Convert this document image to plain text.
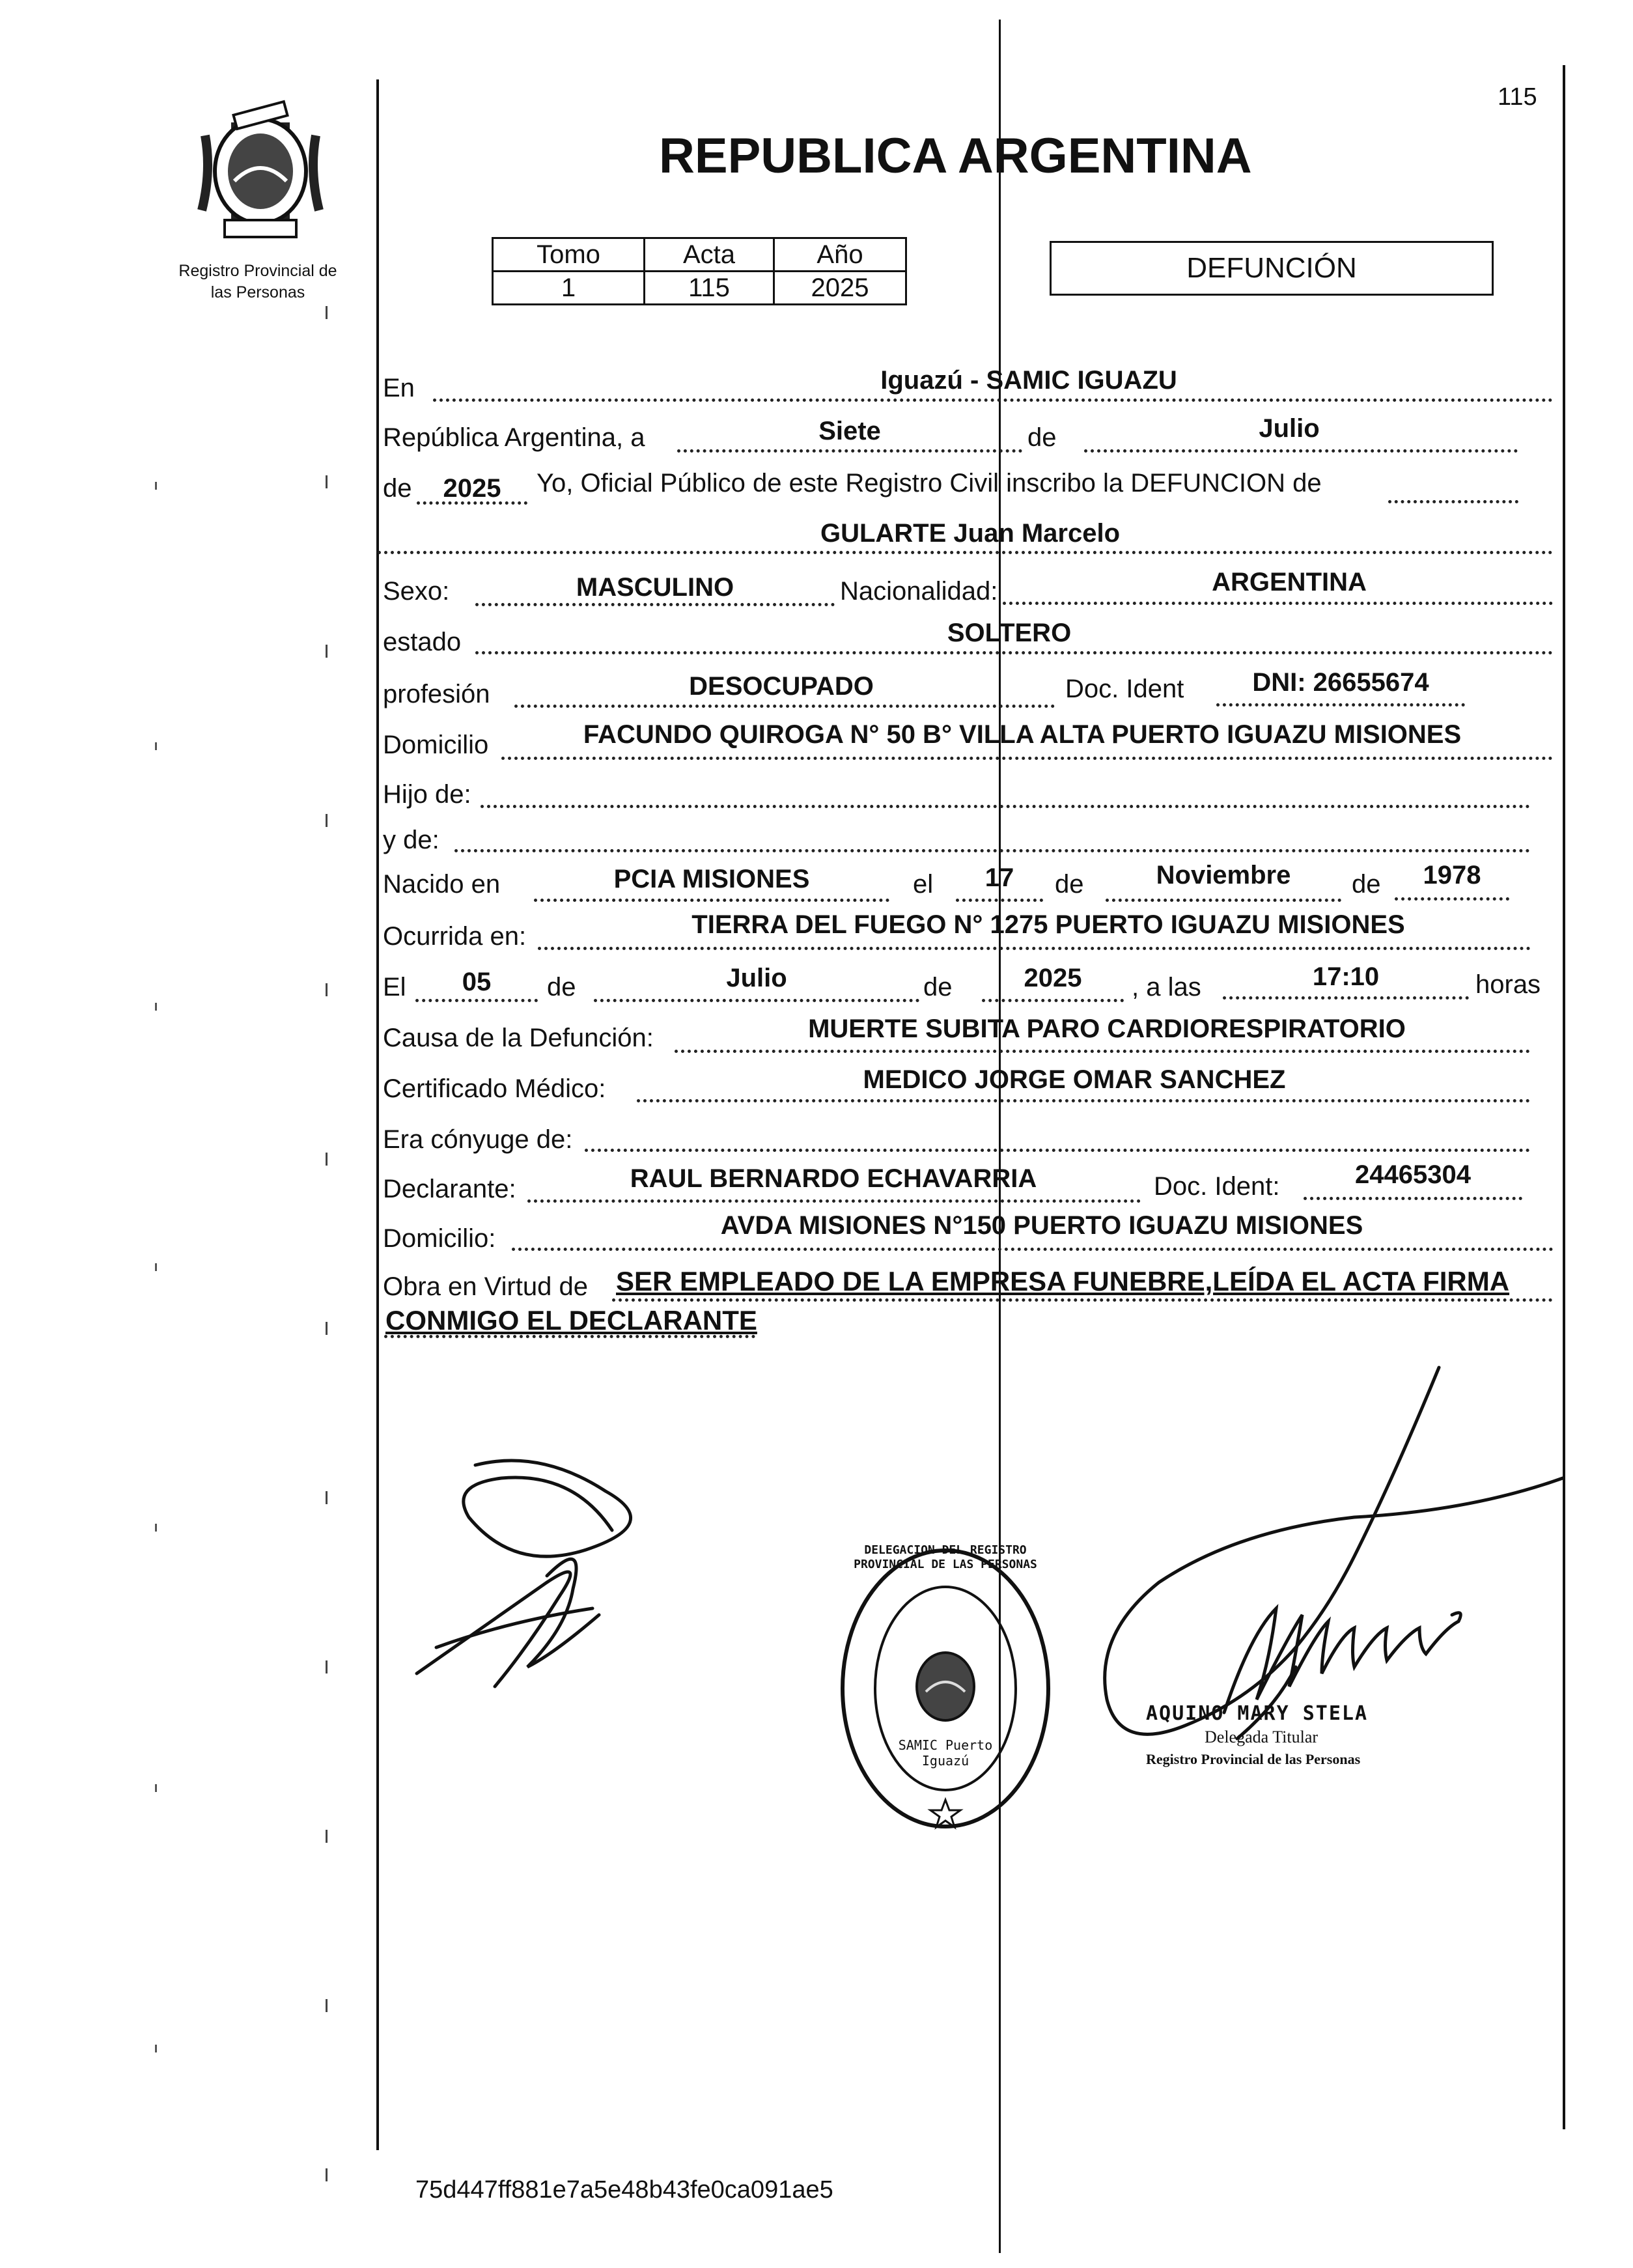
115
Registro Provincial de
las Personas
REPUBLICA ARGENTINA
Tomo	Acta	Año
1	115	2025
DEFUNCIÓN
En	Iguazú - SAMIC IGUAZU
República Argentina, a	Siete	de	Julio
de	2025	Yo, Oficial Público de este Registro Civil inscribo la DEFUNCION de
GULARTE Juan Marcelo
Sexo:	MASCULINO	Nacionalidad:	ARGENTINA
estado	SOLTERO
profesión	DESOCUPADO	Doc. Ident	DNI: 26655674
Domicilio	FACUNDO QUIROGA N° 50 B° VILLA ALTA PUERTO IGUAZU MISIONES
Hijo de:
y de:
Nacido en	PCIA MISIONES	el	17	de	Noviembre	de	1978
Ocurrida en:	TIERRA DEL FUEGO N° 1275 PUERTO IGUAZU MISIONES
El	05	de	Julio	de	2025	, a las	17:10	horas
Causa de la Defunción:	MUERTE SUBITA PARO CARDIORESPIRATORIO
Certificado Médico:	MEDICO JORGE OMAR SANCHEZ
Era cónyuge de:
Declarante:	RAUL BERNARDO ECHAVARRIA	Doc. Ident:	24465304
Domicilio:	AVDA MISIONES N°150 PUERTO IGUAZU MISIONES
Obra en Virtud de SER EMPLEADO DE LA EMPRESA FUNEBRE,LEÍDA EL ACTA FIRMA
CONMIGO EL DECLARANTE
DELEGACION DEL REGISTRO PROVINCIAL DE LAS PERSONAS
SAMIC Puerto Iguazú
AQUINO MARY STELA
Delegada Titular
Registro Provincial de las Personas
75d447ff881e7a5e48b43fe0ca091ae5
